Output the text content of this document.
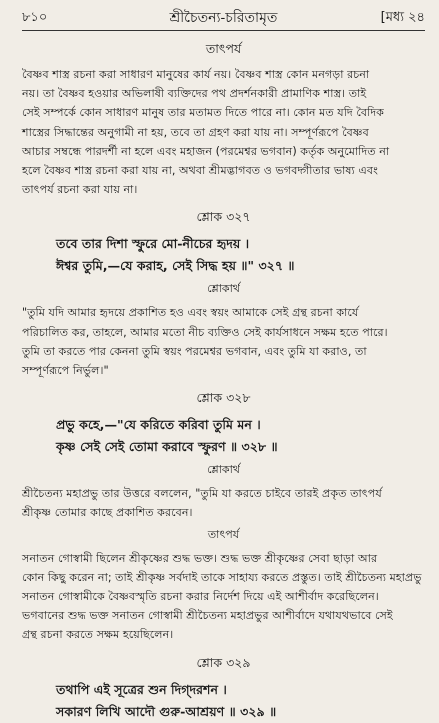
৮১০	শ্রীচৈতন্য-চরিতামৃত	[মধ্য ২৪
তাৎপর্য
বৈষ্ণব শাস্ত্র রচনা করা সাধারণ মানুষের কার্য নয়। বৈষ্ণব শাস্ত্র কোন মনগড়া রচনা
নয়। তা বৈষ্ণব হওয়ার অভিলাষী ব্যক্তিদের পথ প্রদর্শনকারী প্রামাণিক শাস্ত্র। তাই
সেই সম্পর্কে কোন সাধারণ মানুষ তার মতামত দিতে পারে না। কোন মত যদি বৈদিক
শাস্ত্রের সিদ্ধান্তের অনুগামী না হয়, তবে তা গ্রহণ করা যায় না। সম্পূর্ণরূপে বৈষ্ণব
আচার সম্বন্ধে পারদর্শী না হলে এবং মহাজন (পরমেশ্বর ভগবান) কর্তৃক অনুমোদিত না
হলে বৈষ্ণব শাস্ত্র রচনা করা যায় না, অথবা শ্রীমদ্ভাগবত ও ভগবদ্গীতার ভাষ্য এবং
তাৎপর্য রচনা করা যায় না।
শ্লোক ৩২৭
তবে তার দিশা স্ফুরে মো-নীচের হৃদয় ।
ঈশ্বর তুমি,—যে করাহ, সেই সিদ্ধ হয় ॥" ৩২৭ ॥
শ্লোকার্থ
"তুমি যদি আমার হৃদয়ে প্রকাশিত হও এবং স্বয়ং আমাকে সেই গ্রন্থ রচনা কার্যে
পরিচালিত কর, তাহলে, আমার মতো নীচ ব্যক্তিও সেই কার্যসাধনে সক্ষম হতে পারে।
তুমি তা করতে পার কেননা তুমি স্বয়ং পরমেশ্বর ভগবান, এবং তুমি যা করাও, তা
সম্পূর্ণরূপে নির্ভুল।"
শ্লোক ৩২৮
প্রভু কহে,—"যে করিতে করিবা তুমি মন ।
কৃষ্ণ সেই সেই তোমা করাবে স্ফুরণ ॥ ৩২৮ ॥
শ্লোকার্থ
শ্রীচৈতন্য মহাপ্রভু তার উত্তরে বললেন, "তুমি যা করতে চাইবে তারই প্রকৃত তাৎপর্য
শ্রীকৃষ্ণ তোমার কাছে প্রকাশিত করবেন।
তাৎপর্য
সনাতন গোস্বামী ছিলেন শ্রীকৃষ্ণের শুদ্ধ ভক্ত। শুদ্ধ ভক্ত শ্রীকৃষ্ণের সেবা ছাড়া আর
কোন কিছু করেন না; তাই শ্রীকৃষ্ণ সর্বদাই তাকে সাহায্য করতে প্রস্তুত। তাই শ্রীচৈতন্য মহাপ্রভু
সনাতন গোস্বামীকে বৈষ্ণবস্মৃতি রচনা করার নির্দেশ দিয়ে এই আশীর্বাদ করেছিলেন।
ভগবানের শুদ্ধ ভক্ত সনাতন গোস্বামী শ্রীচৈতন্য মহাপ্রভুর আশীর্বাদে যথাযথভাবে সেই
গ্রন্থ রচনা করতে সক্ষম হয়েছিলেন।
শ্লোক ৩২৯
তথাপি এই সূত্রের শুন দিগ্‌দরশন ।
সকারণ লিখি আদৌ গুরু-আশ্রয়ণ ॥ ৩২৯ ॥
